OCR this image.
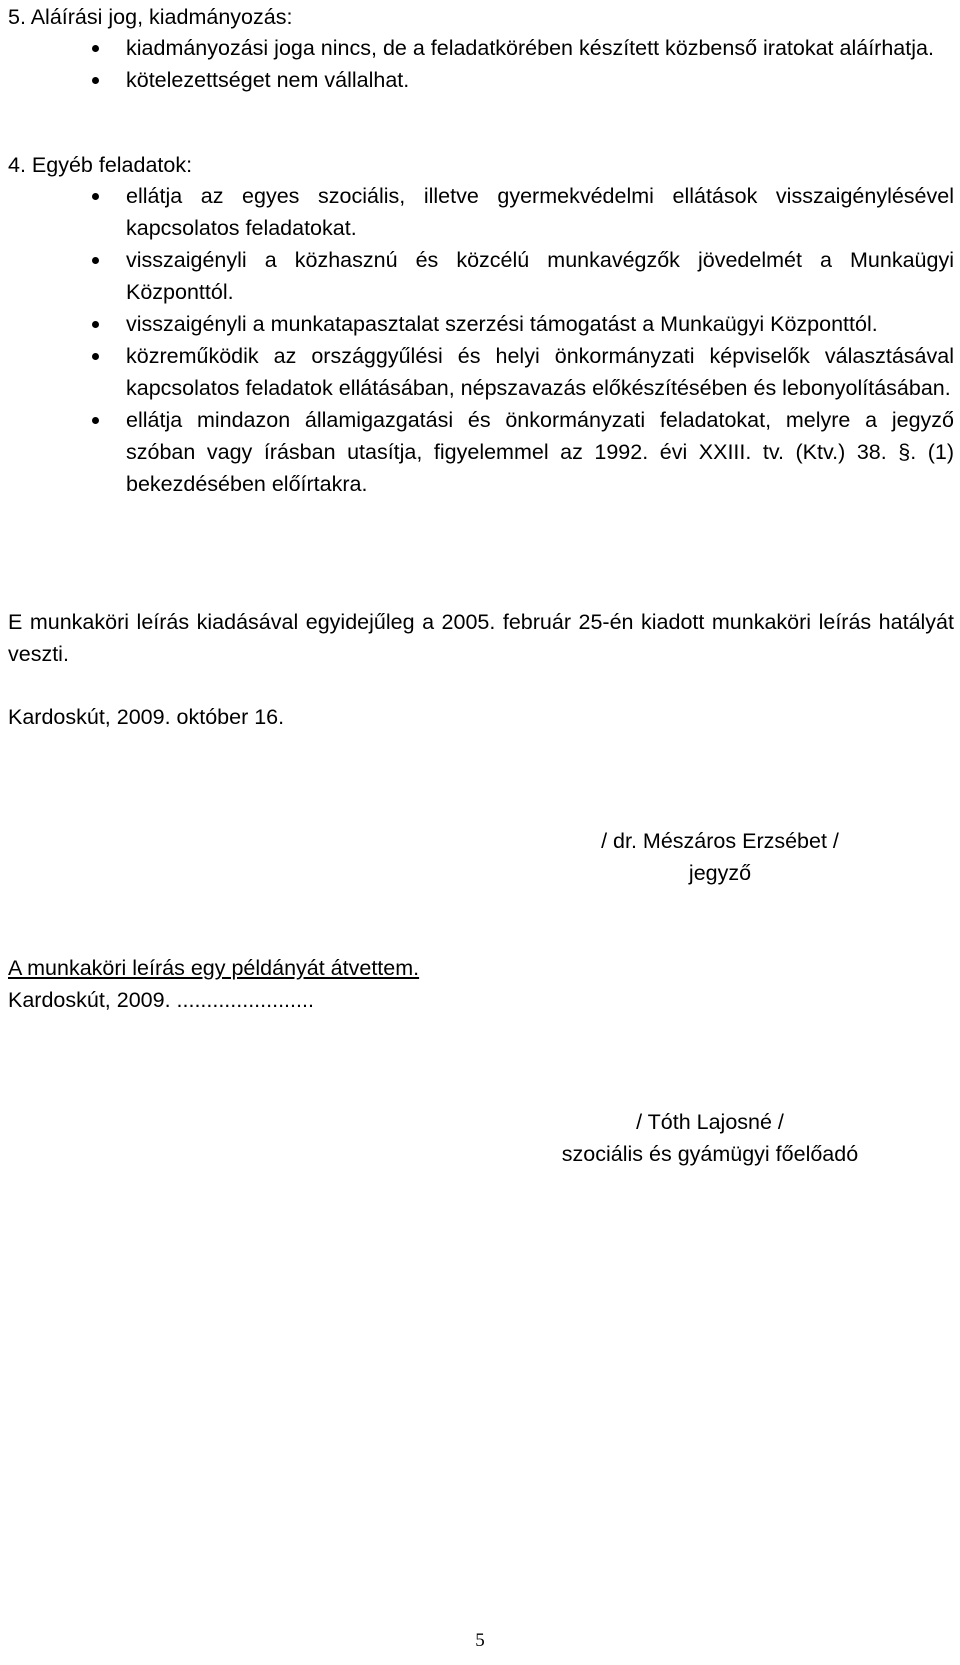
5. Aláírási jog, kiadmányozás:
kiadmányozási joga nincs, de a feladatkörében készített közbenső iratokat aláírhatja.
kötelezettséget nem vállalhat.
4. Egyéb feladatok:
ellátja az egyes szociális, illetve gyermekvédelmi ellátások visszaigénylésével kapcsolatos feladatokat.
visszaigényli a közhasznú és közcélú munkavégzők jövedelmét a Munkaügyi Központtól.
visszaigényli a munkatapasztalat szerzési támogatást a Munkaügyi Központtól.
közreműködik az országgyűlési és helyi önkormányzati képviselők választásával kapcsolatos feladatok ellátásában, népszavazás előkészítésében és lebonyolításában.
ellátja mindazon államigazgatási és önkormányzati feladatokat, melyre a jegyző szóban vagy írásban utasítja, figyelemmel az 1992. évi XXIII. tv. (Ktv.) 38. §. (1) bekezdésében előírtakra.

E munkaköri leírás kiadásával egyidejűleg a 2005. február 25-én kiadott munkaköri leírás hatályát veszti.

Kardoskút, 2009. október 16.

/ dr. Mészáros Erzsébet /
jegyző

A munkaköri leírás egy példányát átvettem.

Kardoskút, 2009. .......................

/ Tóth Lajosné /
szociális és gyámügyi főelőadó
5
